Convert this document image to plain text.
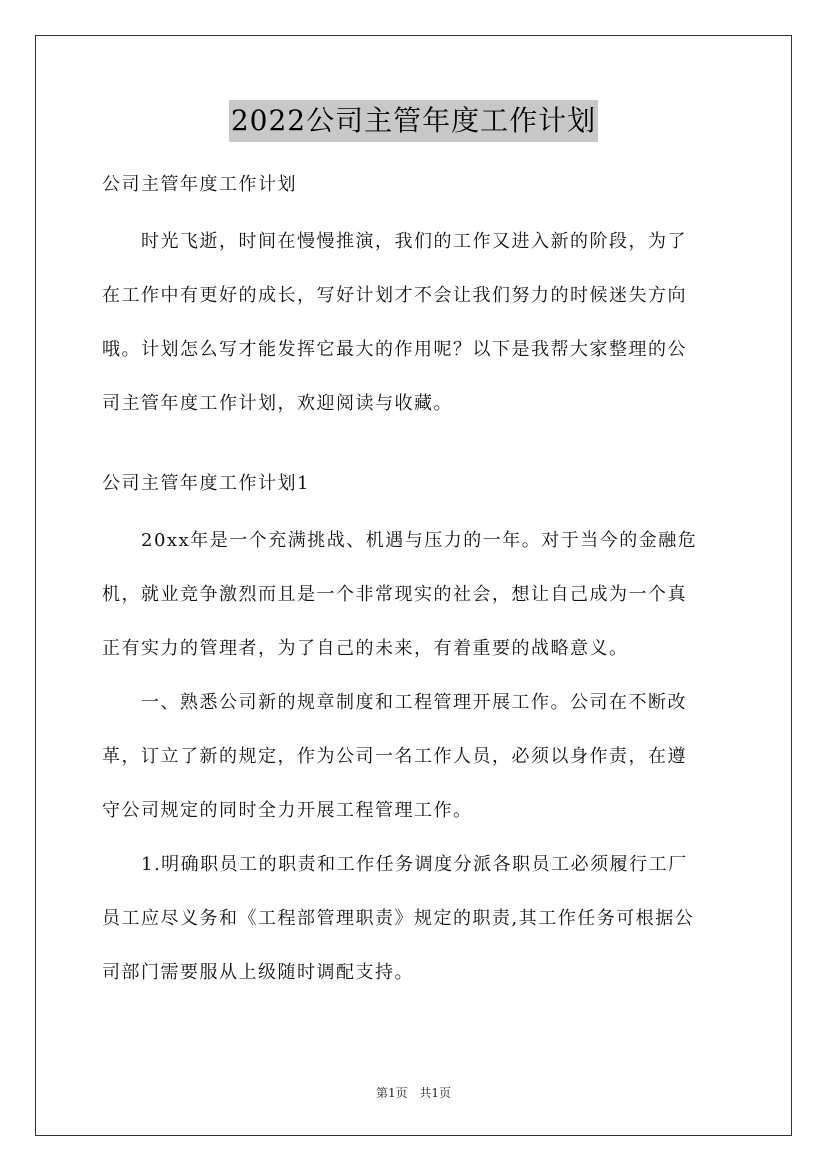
2022公司主管年度工作计划
公司主管年度工作计划

　　时光飞逝，时间在慢慢推演，我们的工作又进入新的阶段，为了

在工作中有更好的成长，写好计划才不会让我们努力的时候迷失方向

哦。计划怎么写才能发挥它最大的作用呢？以下是我帮大家整理的公

司主管年度工作计划，欢迎阅读与收藏。

公司主管年度工作计划1

　　20xx年是一个充满挑战、机遇与压力的一年。对于当今的金融危

机，就业竞争激烈而且是一个非常现实的社会，想让自己成为一个真

正有实力的管理者，为了自己的未来，有着重要的战略意义。

　　一、熟悉公司新的规章制度和工程管理开展工作。公司在不断改

革，订立了新的规定，作为公司一名工作人员，必须以身作责，在遵

守公司规定的同时全力开展工程管理工作。

　　1.明确职员工的职责和工作任务调度分派各职员工必须履行工厂

员工应尽义务和《工程部管理职责》规定的职责,其工作任务可根据公

司部门需要服从上级随时调配支持。

第1页 共1页
